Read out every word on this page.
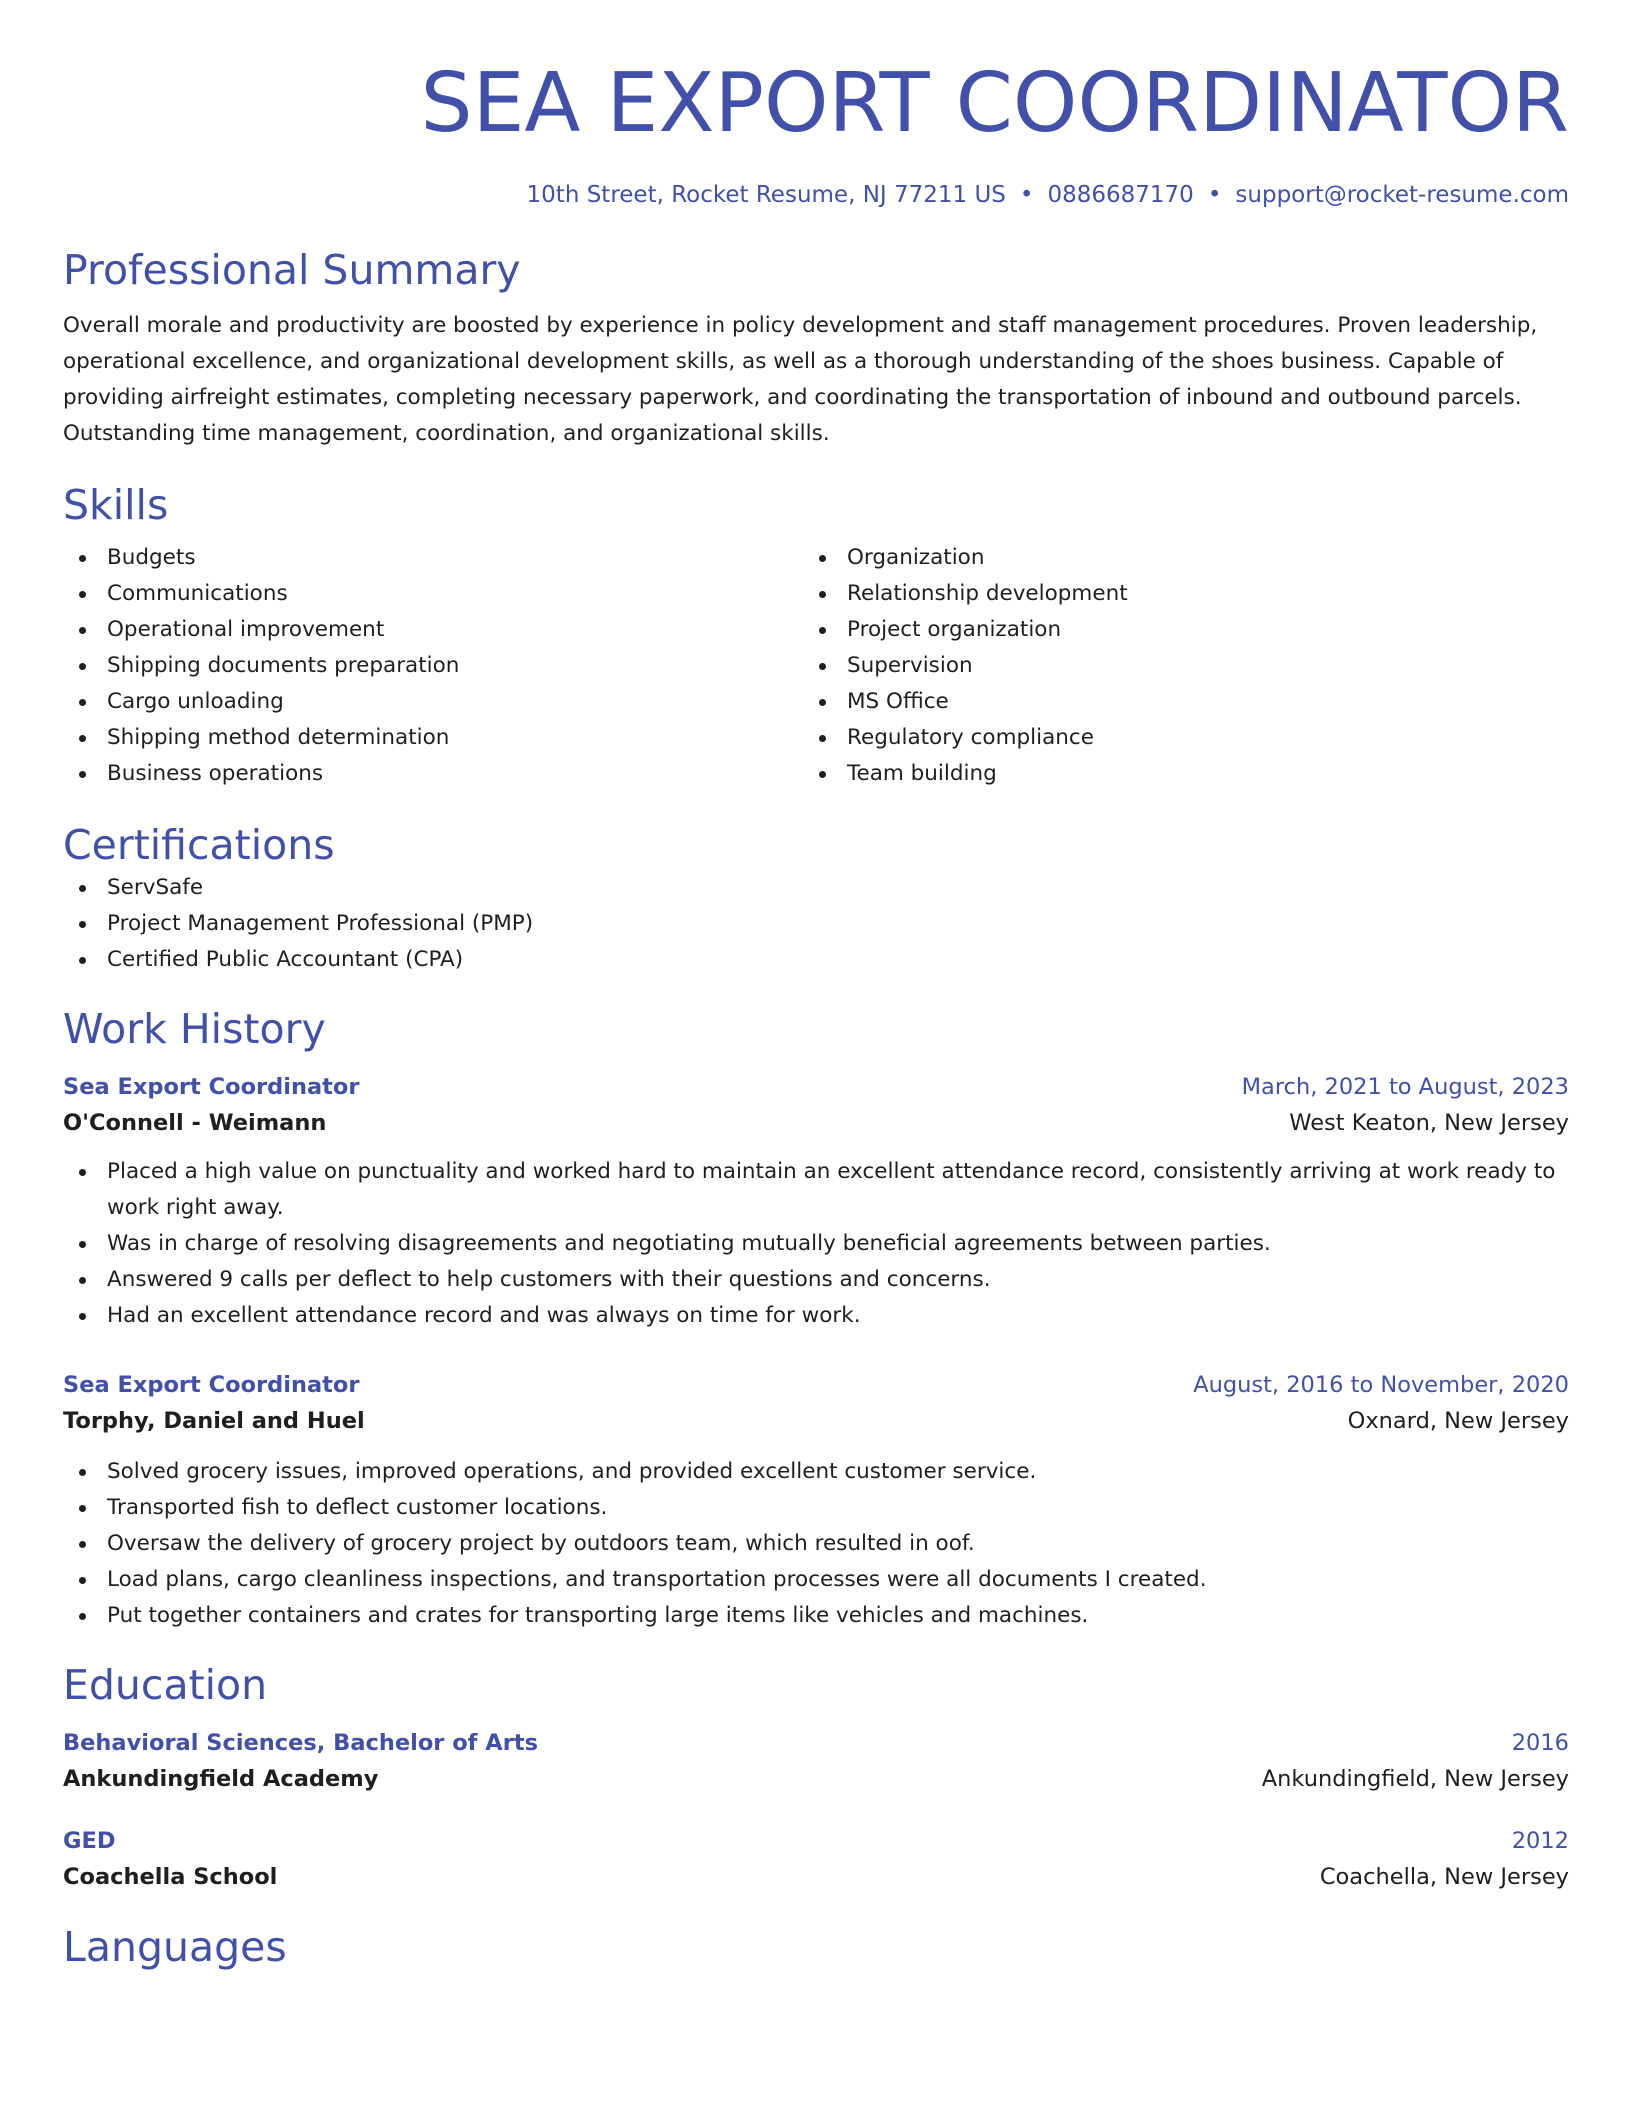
SEA EXPORT COORDINATOR
10th Street, Rocket Resume, NJ 77211 US • 0886687170 • support@rocket-resume.com
Professional Summary
Overall morale and productivity are boosted by experience in policy development and staff management procedures. Proven leadership, operational excellence, and organizational development skills, as well as a thorough understanding of the shoes business. Capable of providing airfreight estimates, completing necessary paperwork, and coordinating the transportation of inbound and outbound parcels. Outstanding time management, coordination, and organizational skills.
Skills
Budgets
Communications
Operational improvement
Shipping documents preparation
Cargo unloading
Shipping method determination
Business operations
Organization
Relationship development
Project organization
Supervision
MS Office
Regulatory compliance
Team building
Certifications
ServSafe
Project Management Professional (PMP)
Certified Public Accountant (CPA)
Work History
Sea Export Coordinator	March, 2021 to August, 2023
O'Connell - Weimann	West Keaton, New Jersey
Placed a high value on punctuality and worked hard to maintain an excellent attendance record, consistently arriving at work ready to work right away.
Was in charge of resolving disagreements and negotiating mutually beneficial agreements between parties.
Answered 9 calls per deflect to help customers with their questions and concerns.
Had an excellent attendance record and was always on time for work.
Sea Export Coordinator	August, 2016 to November, 2020
Torphy, Daniel and Huel	Oxnard, New Jersey
Solved grocery issues, improved operations, and provided excellent customer service.
Transported fish to deflect customer locations.
Oversaw the delivery of grocery project by outdoors team, which resulted in oof.
Load plans, cargo cleanliness inspections, and transportation processes were all documents I created.
Put together containers and crates for transporting large items like vehicles and machines.
Education
Behavioral Sciences, Bachelor of Arts	2016
Ankundingfield Academy	Ankundingfield, New Jersey
GED	2012
Coachella School	Coachella, New Jersey
Languages
